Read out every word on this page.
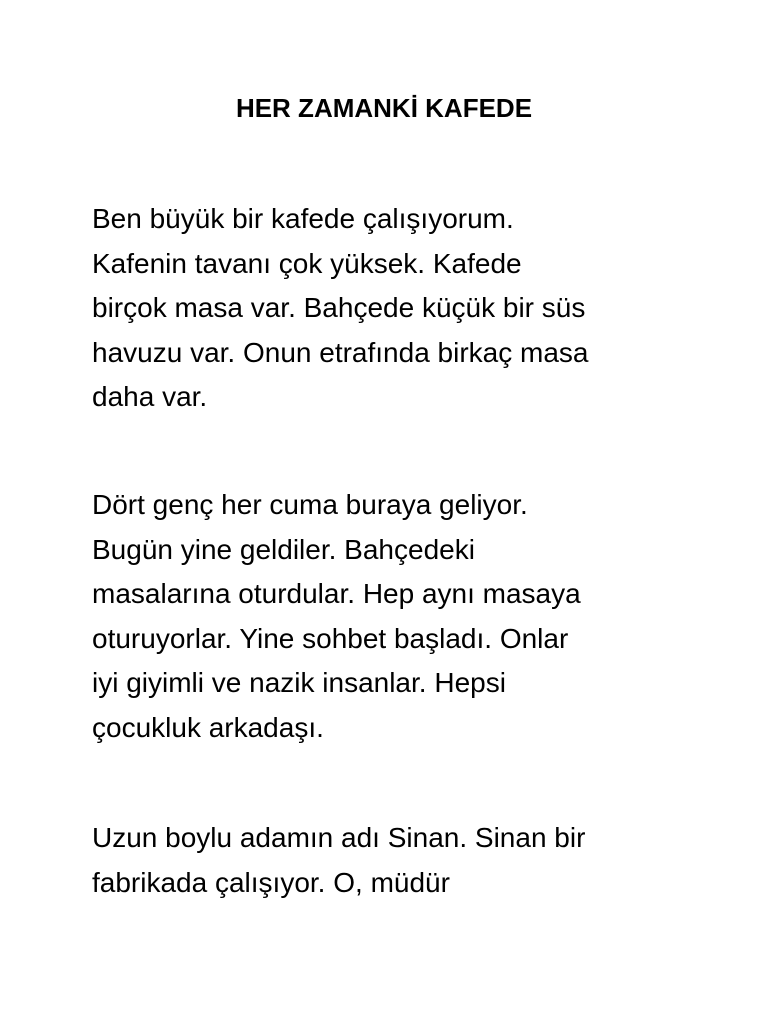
HER ZAMANKİ KAFEDE

Ben büyük bir kafede çalışıyorum.
Kafenin tavanı çok yüksek. Kafede
birçok masa var. Bahçede küçük bir süs
havuzu var. Onun etrafında birkaç masa
daha var.

Dört genç her cuma buraya geliyor.
Bugün yine geldiler. Bahçedeki
masalarına oturdular. Hep aynı masaya
oturuyorlar. Yine sohbet başladı. Onlar
iyi giyimli ve nazik insanlar. Hepsi
çocukluk arkadaşı.

Uzun boylu adamın adı Sinan. Sinan bir
fabrikada çalışıyor. O, müdür
